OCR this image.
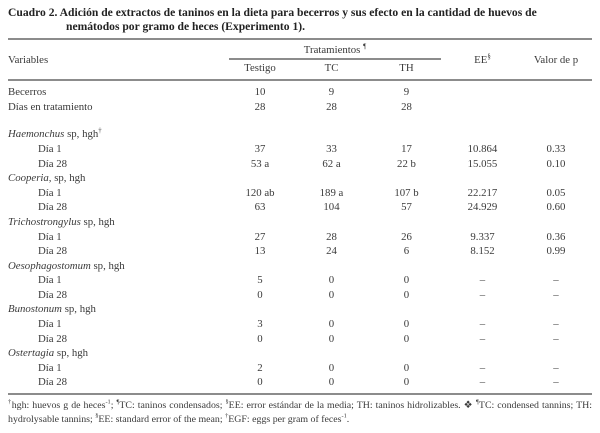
Cuadro 2. Adición de extractos de taninos en la dieta para becerros y sus efecto en la cantidad de huevos de nemátodos por gramo de heces (Experimento 1).
Variables
Tratamientos ¶
Testigo	TC	TH
EE§	Valor de p
Becerros	10	9	9
Días en tratamiento	28	28	28
Haemonchus sp, hgh†
Día 1	37	33	17	10.864	0.33
Día 28	53 a	62 a	22 b	15.055	0.10
Cooperia, sp, hgh
Día 1	120 ab	189 a	107 b	22.217	0.05
Día 28	63	104	57	24.929	0.60
Trichostrongylus sp, hgh
Día 1	27	28	26	9.337	0.36
Día 28	13	24	6	8.152	0.99
Oesophagostomum sp, hgh
Día 1	5	0	0	–	–
Día 28	0	0	0	–	–
Bunostonum sp, hgh
Día 1	3	0	0	–	–
Día 28	0	0	0	–	–
Ostertagia sp, hgh
Día 1	2	0	0	–	–
Día 28	0	0	0	–	–
†hgh: huevos g de heces$^{-1}$; ¶TC: taninos condensados; §EE: error estándar de la media; TH: taninos hidrolizables. ❖ ¶TC: condensed tannins; TH: hydrolysable tannins; §EE: standard error of the mean; †EGF: eggs per gram of feces$^{-1}$.
